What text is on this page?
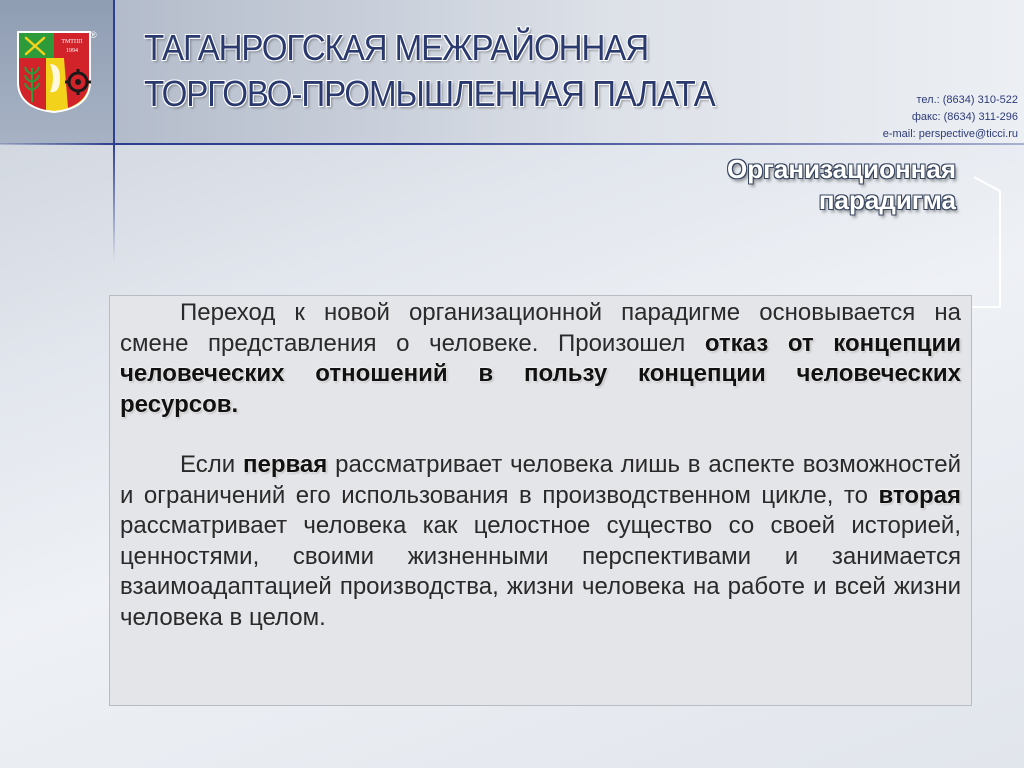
ТМТПП
1994
® ТАГАНРОГСКАЯ МЕЖРАЙОННАЯ
ТОРГОВО-ПРОМЫШЛЕННАЯ ПАЛАТА	тел.: (8634) 310-522
факс: (8634) 311-296
e-mail: perspective@ticci.ru
Организационная
парадигма

Переход к новой организационной парадигме основывается на смене представления о человеке. Произошел отказ от концепции человеческих отношений в пользу концепции человеческих ресурсов.

Если первая рассматривает человека лишь в аспекте возможностей и ограничений его использования в производственном цикле, то вторая рассматривает человека как целостное существо со своей историей, ценностями, своими жизненными перспективами и занимается взаимоадаптацией производства, жизни человека на работе и всей жизни человека в целом.
